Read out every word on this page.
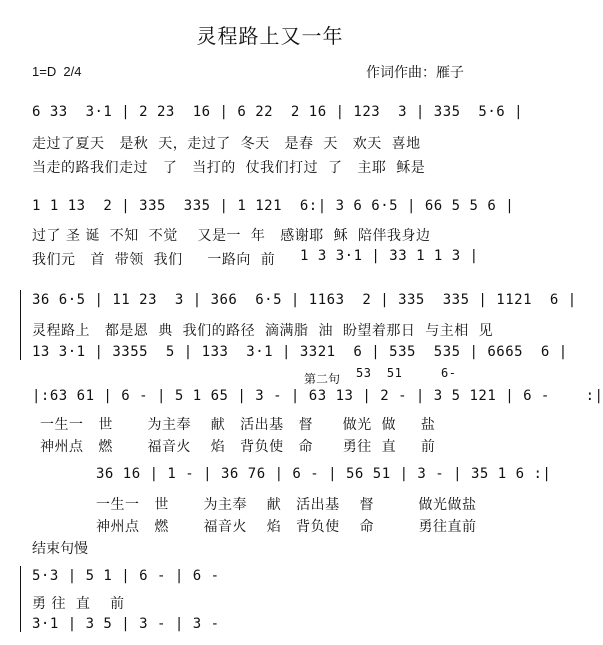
灵程路上又一年
1=D  2/4	作词作曲：雁子
6 33  3·1 | 2 23  16 | 6 22  2 16 | 123  3 | 335  5·6 |
走过了夏天   是秋  天，走过了  冬天   是春  天   欢天  喜地
当走的路我们走过   了   当打的  仗我们打过  了   主耶  稣是
1 1 13  2 | 335  335 | 1 121  6:| 3 6 6·5 | 66 5 5 6 |
过了 圣 诞  不知  不觉    又是一  年   感谢耶  稣  陪伴我身边
我们元   首  带领  我们     一路向  前 1 3 3·1 | 33 1 1 3 |
36 6·5 | 11 23  3 | 366  6·5 | 1163  2 | 335  335 | 1121  6 |
灵程路上   都是恩  典  我们的路径  滴满脂  油  盼望着那日  与主相  见
13 3·1 | 3355  5 | 133  3·1 | 3321  6 | 535  535 | 6665  6 |
|:63 61 | 6 - | 5 1 65 | 3 - | 63 13 | 2 - | 3 5 121 | 6 -    :|
第二句 53  51     6-
一生一   世       为主奉    献   活出基   督      做光  做     盐
神州点   燃       福音火    焰   背负使   命      勇往  直     前
36 16 | 1 - | 36 76 | 6 - | 56 51 | 3 - | 35 1 6 :|
一生一   世       为主奉    献   活出基    督         做光做盐
神州点   燃       福音火    焰   背负使    命         勇往直前
结束句慢
5·3 | 5 1 | 6 - | 6 -
勇 往  直    前
3·1 | 3 5 | 3 - | 3 -
